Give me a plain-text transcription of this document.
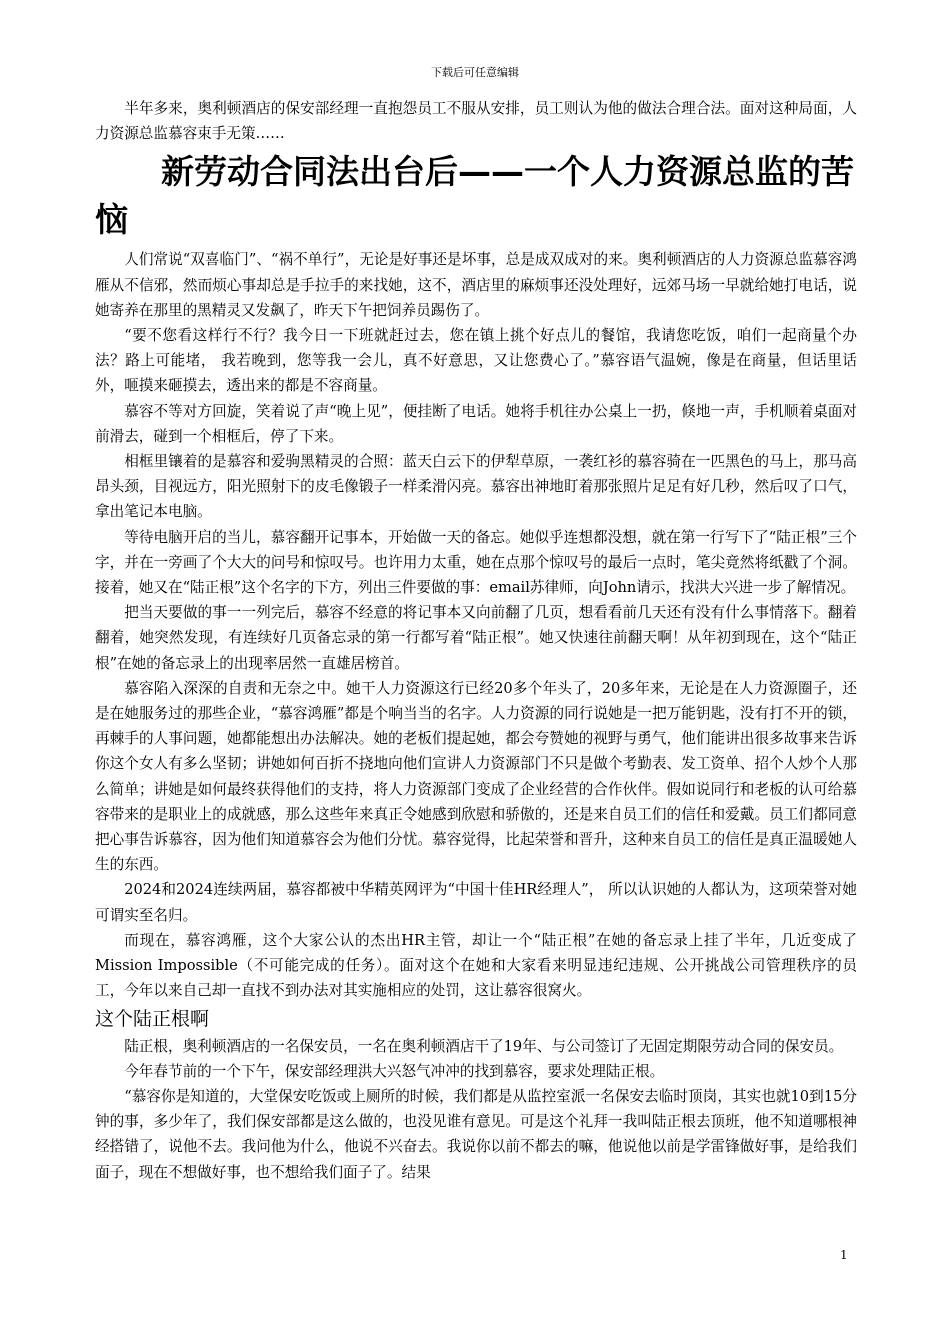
下载后可任意编辑

半年多来，奥利顿酒店的保安部经理一直抱怨员工不服从安排，员工则认为他的做法合理合法。面对这种局面，人力资源总监慕容束手无策……

新劳动合同法出台后——一个人力资源总监的苦恼

人们常说“双喜临门”、“祸不单行”，无论是好事还是坏事，总是成双成对的来。奥利顿酒店的人力资源总监慕容鸿雁从不信邪，然而烦心事却总是手拉手的来找她，这不，酒店里的麻烦事还没处理好，远郊马场一早就给她打电话，说她寄养在那里的黑精灵又发飙了，昨天下午把饲养员踢伤了。

“要不您看这样行不行？我今日一下班就赶过去，您在镇上挑个好点儿的餐馆，我请您吃饭，咱们一起商量个办法？路上可能堵， 我若晚到，您等我一会儿，真不好意思，又让您费心了。”慕容语气温婉，像是在商量，但话里话外，咂摸来砸摸去，透出来的都是不容商量。

慕容不等对方回旋，笑着说了声“晚上见”，便挂断了电话。她将手机往办公桌上一扔，倏地一声，手机顺着桌面对前滑去，碰到一个相框后，停了下来。

相框里镶着的是慕容和爱驹黑精灵的合照：蓝天白云下的伊犁草原，一袭红衫的慕容骑在一匹黑色的马上，那马高昂头颈，目视远方，阳光照射下的皮毛像锻子一样柔滑闪亮。慕容出神地盯着那张照片足足有好几秒，然后叹了口气，拿出笔记本电脑。

等待电脑开启的当儿，慕容翻开记事本，开始做一天的备忘。她似乎连想都没想，就在第一行写下了“陆正根”三个字，并在一旁画了个大大的问号和惊叹号。也许用力太重，她在点那个惊叹号的最后一点时，笔尖竟然将纸戳了个洞。接着，她又在“陆正根”这个名字的下方，列出三件要做的事：email苏律师，向John请示，找洪大兴进一步了解情况。

把当天要做的事一一列完后，慕容不经意的将记事本又向前翻了几页，想看看前几天还有没有什么事情落下。翻着翻着，她突然发现，有连续好几页备忘录的第一行都写着“陆正根”。她又快速往前翻天啊！从年初到现在，这个“陆正根”在她的备忘录上的出现率居然一直雄居榜首。

慕容陷入深深的自责和无奈之中。她干人力资源这行已经20多个年头了，20多年来，无论是在人力资源圈子，还是在她服务过的那些企业，“慕容鸿雁”都是个响当当的名字。人力资源的同行说她是一把万能钥匙，没有打不开的锁，再棘手的人事问题，她都能想出办法解决。她的老板们提起她，都会夸赞她的视野与勇气，他们能讲出很多故事来告诉你这个女人有多么坚韧；讲她如何百折不挠地向他们宣讲人力资源部门不只是做个考勤表、发工资单、招个人炒个人那么简单；讲她是如何最终获得他们的支持，将人力资源部门变成了企业经营的合作伙伴。假如说同行和老板的认可给慕容带来的是职业上的成就感，那么这些年来真正令她感到欣慰和骄傲的，还是来自员工们的信任和爱戴。员工们都同意把心事告诉慕容，因为他们知道慕容会为他们分忧。慕容觉得，比起荣誉和晋升，这种来自员工的信任是真正温暖她人生的东西。

2024和2024连续两届，慕容都被中华精英网评为“中国十佳HR经理人”， 所以认识她的人都认为，这项荣誉对她可谓实至名归。

而现在，慕容鸿雁，这个大家公认的杰出HR主管，却让一个“陆正根”在她的备忘录上挂了半年，几近变成了Mission Impossible（不可能完成的任务）。面对这个在她和大家看来明显违纪违规、公开挑战公司管理秩序的员工，今年以来自己却一直找不到办法对其实施相应的处罚，这让慕容很窝火。

这个陆正根啊

陆正根，奥利顿酒店的一名保安员，一名在奥利顿酒店干了19年、与公司签订了无固定期限劳动合同的保安员。

今年春节前的一个下午，保安部经理洪大兴怒气冲冲的找到慕容，要求处理陆正根。

“慕容你是知道的，大堂保安吃饭或上厕所的时候，我们都是从监控室派一名保安去临时顶岗，其实也就10到15分钟的事，多少年了，我们保安部都是这么做的，也没见谁有意见。可是这个礼拜一我叫陆正根去顶班，他不知道哪根神经搭错了，说他不去。我问他为什么，他说不兴奋去。我说你以前不都去的嘛，他说他以前是学雷锋做好事，是给我们面子，现在不想做好事，也不想给我们面子了。结果

1
